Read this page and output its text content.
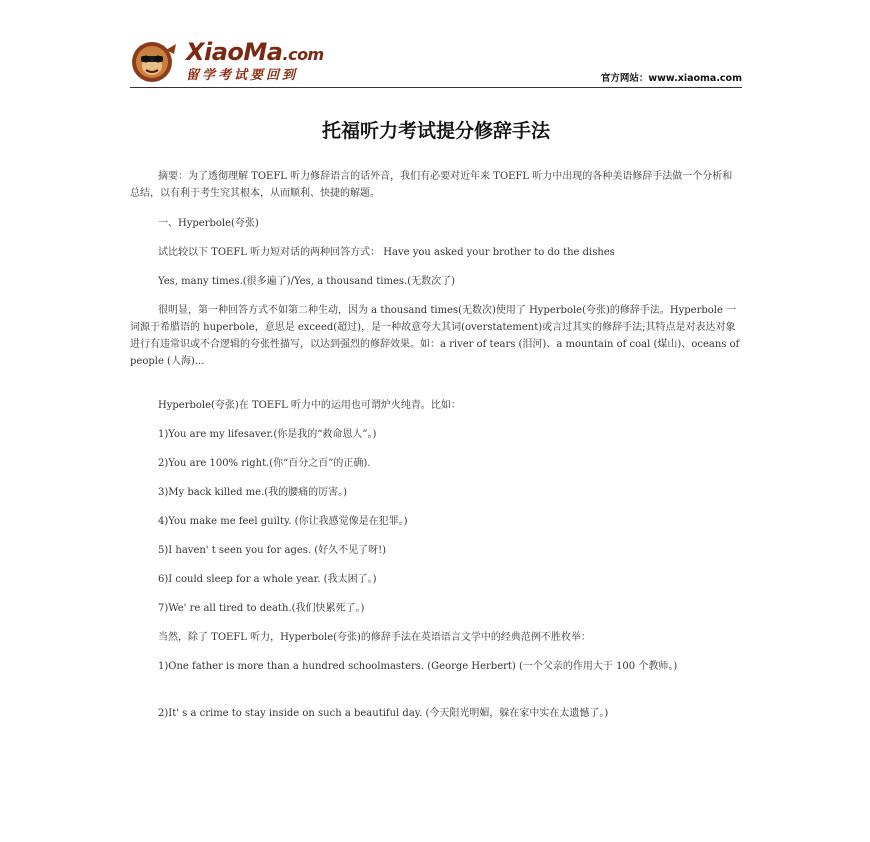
XiaoMa.com
留学考试要回到	官方网站：www.xiaoma.com
托福听力考试提分修辞手法

摘要：为了透彻理解 TOEFL 听力修辞语言的话外音，我们有必要对近年来 TOEFL 听力中出现的各种美语修辞手法做一个分析和总结，以有利于考生究其根本，从而顺利、快捷的解题。

一、Hyperbole(夸张)

试比较以下 TOEFL 听力短对话的两种回答方式： Have you asked your brother to do the dishes

Yes, many times.(很多遍了)/Yes, a thousand times.(无数次了)

很明显，第一种回答方式不如第二种生动，因为 a thousand times(无数次)使用了 Hyperbole(夸张)的修辞手法。Hyperbole 一词源于希腊语的 huperbole，意思是 exceed(超过)，是一种故意夸大其词(overstatement)或言过其实的修辞手法;其特点是对表达对象进行有违常识或不合逻辑的夸张性描写，以达到强烈的修辞效果。如：a river of tears (泪河)、a mountain of coal (煤山)、oceans of people (人海)...

Hyperbole(夸张)在 TOEFL 听力中的运用也可谓炉火纯青。比如：

1)You are my lifesaver.(你是我的“救命恩人”。)

2)You are 100% right.(你“百分之百”的正确).

3)My back killed me.(我的腰痛的厉害。)

4)You make me feel guilty. (你让我感觉像是在犯罪。)

5)I haven' t seen you for ages. (好久不见了呀!)

6)I could sleep for a whole year. (我太困了。)

7)We' re all tired to death.(我们快累死了。)

当然，除了 TOEFL 听力，Hyperbole(夸张)的修辞手法在英语语言文学中的经典范例不胜枚举：

1)One father is more than a hundred schoolmasters. (George Herbert) (一个父亲的作用大于 100 个教师。)

2)It' s a crime to stay inside on such a beautiful day. (今天阳光明媚，躲在家中实在太遗憾了。)
